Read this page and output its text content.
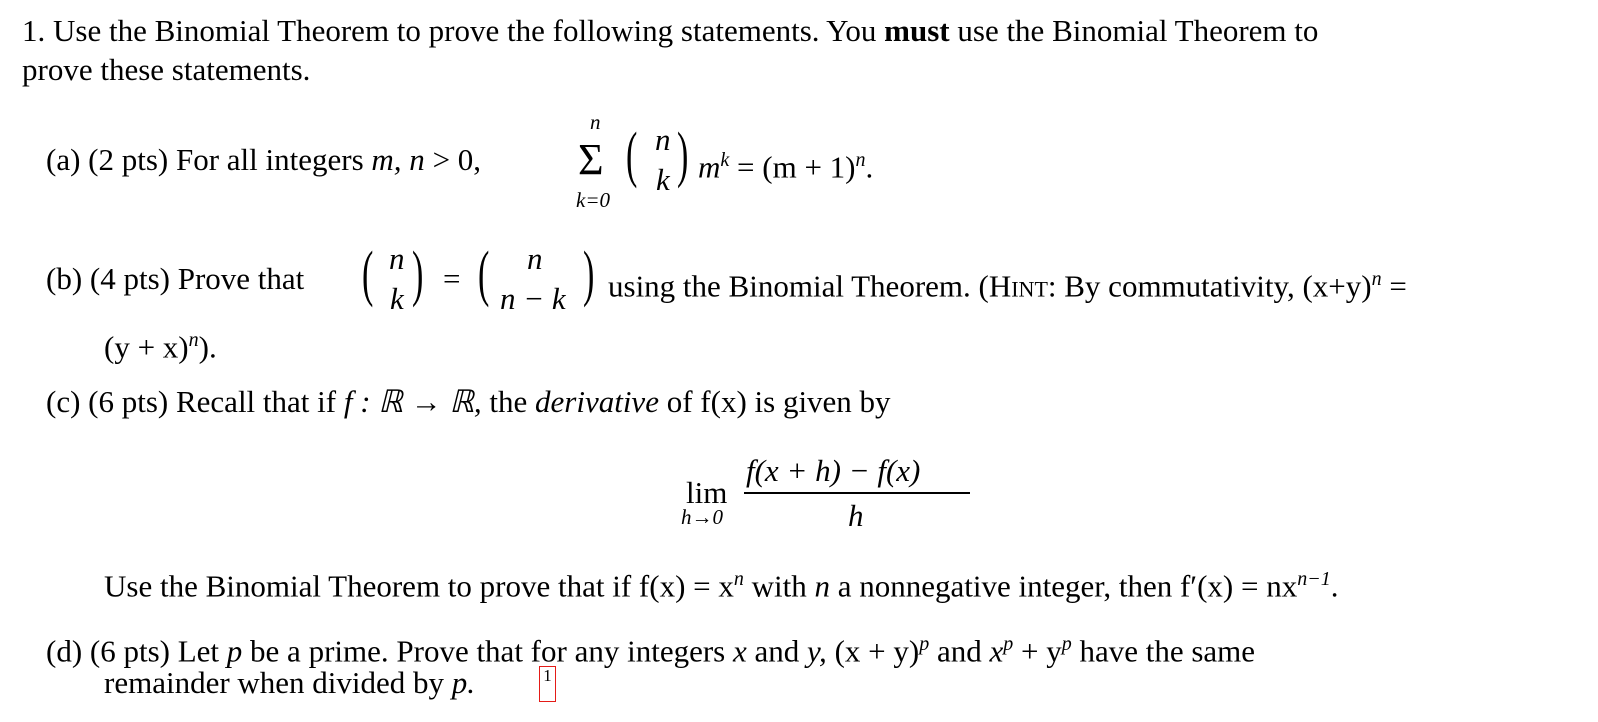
1. Use the Binomial Theorem to prove the following statements. You must use the Binomial Theorem to
prove these statements.
(a) (2 pts) For all integers m, n > 0,
n
Σ
k=0
( n
k ) $m^k = (m + 1)^n$.
(b) (4 pts) Prove that ( n
k ) = ( n
n − k ) using the Binomial Theorem. (Hint: By commutativity, $(x+y)^n$ =
$(y + x)^n$).
(c) (6 pts) Recall that if f : ℝ → ℝ, the derivative of f(x) is given by
lim
h→0
f(x + h) − f(x)
h
Use the Binomial Theorem to prove that if $f(x) = x^n$ with n a nonnegative integer, then $f'(x) = nx^{n-1}$.
(d) (6 pts) Let p be a prime. Prove that for any integers x and y, $(x + y)^p$ and $x^p + y^p$ have the same
remainder when divided by p.	1
